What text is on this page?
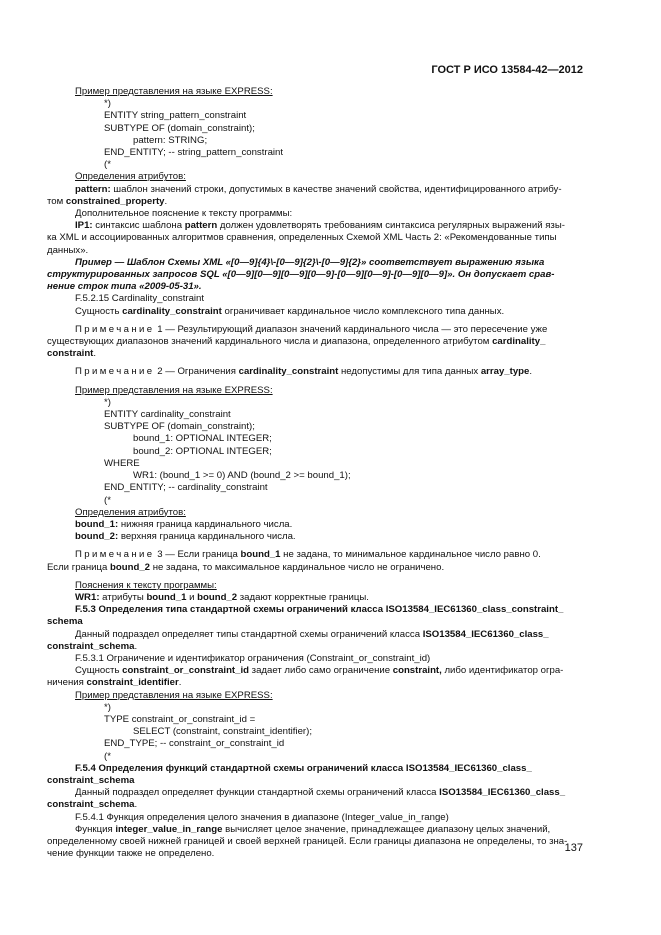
ГОСТ Р ИСО 13584-42—2012

Пример представления на языке EXPRESS:

*)

ENTITY string_pattern_constraint

SUBTYPE OF (domain_constraint);

pattern: STRING;

END_ENTITY; -- string_pattern_constraint

(*

Определения атрибутов:

pattern: шаблон значений строки, допустимых в качестве значений свойства, идентифицированного атрибу-

том constrained_property.

Дополнительное пояснение к тексту программы:

IP1: синтаксис шаблона pattern должен удовлетворять требованиям синтаксиса регулярных выражений язы-

ка XML и ассоциированных алгоритмов сравнения, определенных Схемой XML Часть 2: «Рекомендованные типы

данных».

Пример — Шаблон Схемы XML «[0—9]{4}\-[0—9]{2}\-[0—9]{2}» соответствует выражению языка

структурированных запросов SQL «[0—9][0—9][0—9][0—9]-[0—9][0—9]-[0—9][0—9]». Он допускает срав-

нение строк типа «2009-05-31».

F.5.2.15 Cardinality_constraint

Сущность cardinality_constraint ограничивает кардинальное число комплексного типа данных.

Примечание 1 — Результирующий диапазон значений кардинального числа — это пересечение уже

существующих диапазонов значений кардинального числа и диапазона, определенного атрибутом cardinality_

constraint.

Примечание 2 — Ограничения cardinality_constraint недопустимы для типа данных array_type.

Пример представления на языке EXPRESS:

*)

ENTITY cardinality_constraint

SUBTYPE OF (domain_constraint);

bound_1: OPTIONAL INTEGER;

bound_2: OPTIONAL INTEGER;

WHERE

WR1: (bound_1 >= 0) AND (bound_2 >= bound_1);

END_ENTITY; -- cardinality_constraint

(*

Определения атрибутов:

bound_1: нижняя граница кардинального числа.

bound_2: верхняя граница кардинального числа.

Примечание 3 — Если граница bound_1 не задана, то минимальное кардинальное число равно 0.

Если граница bound_2 не задана, то максимальное кардинальное число не ограничено.

Пояснения к тексту программы:

WR1: атрибуты bound_1 и bound_2 задают корректные границы.

F.5.3 Определения типа стандартной схемы ограничений класса ISO13584_IEC61360_class_constraint_

schema

Данный подраздел определяет типы стандартной схемы ограничений класса ISO13584_IEC61360_class_

constraint_schema.

F.5.3.1 Ограничение и идентификатор ограничения (Constraint_or_constraint_id)

Сущность constraint_or_constraint_id задает либо само ограничение constraint, либо идентификатор огра-

ничения constraint_identifier.

Пример представления на языке EXPRESS:

*)

TYPE constraint_or_constraint_id =

SELECT (constraint, constraint_identifier);

END_TYPE; -- constraint_or_constraint_id

(*

F.5.4 Определения функций стандартной схемы ограничений класса ISO13584_IEC61360_class_

constraint_schema

Данный подраздел определяет функции стандартной схемы ограничений класса ISO13584_IEC61360_class_

constraint_schema.

F.5.4.1 Функция определения целого значения в диапазоне (Integer_value_in_range)

Функция integer_value_in_range вычисляет целое значение, принадлежащее диапазону целых значений,

определенному своей нижней границей и своей верхней границей. Если границы диапазона не определены, то зна-

чение функции также не определено.	137
